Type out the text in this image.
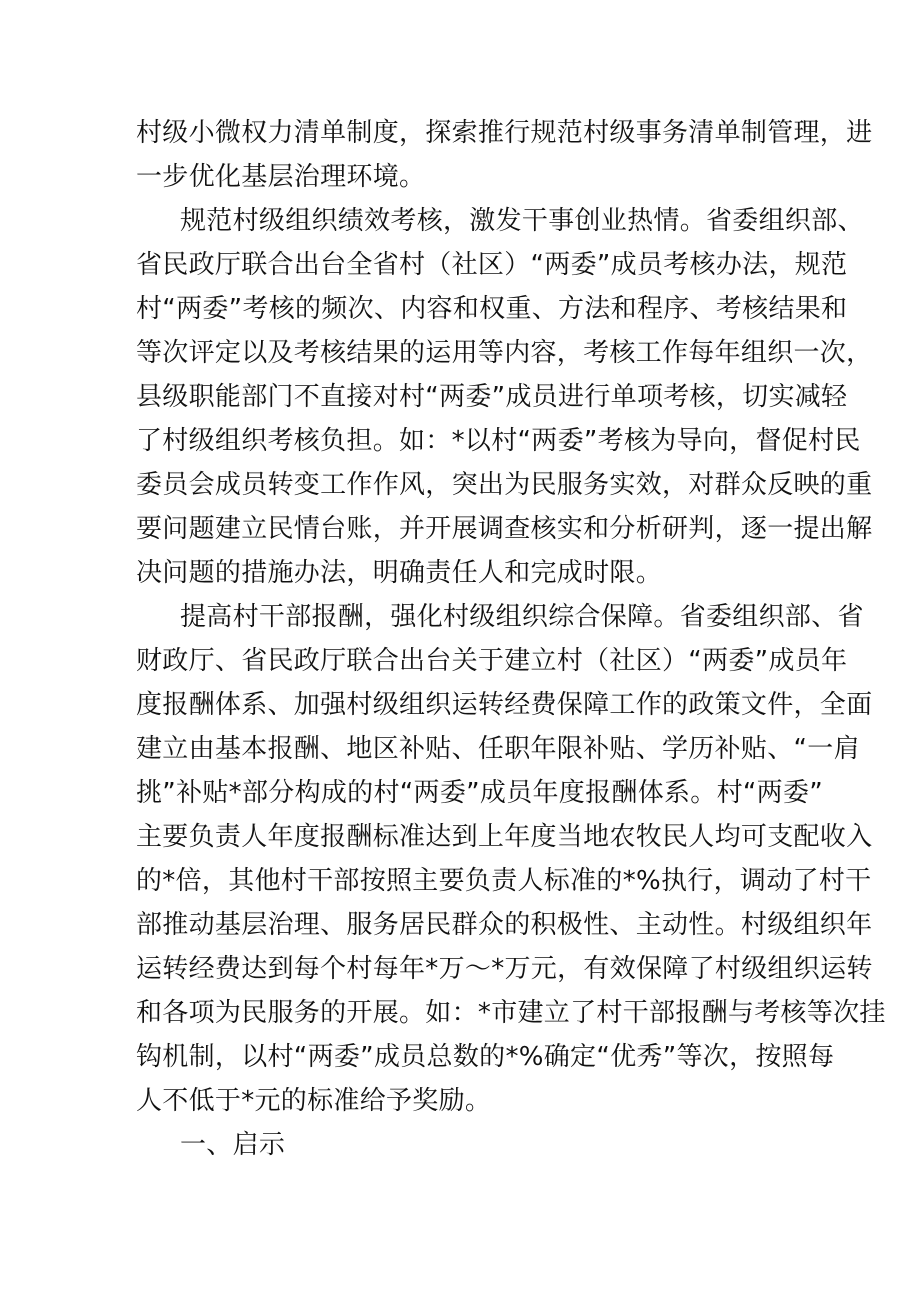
村级小微权力清单制度，探索推行规范村级事务清单制管理，进
一步优化基层治理环境。
规范村级组织绩效考核，激发干事创业热情。省委组织部、
省民政厅联合出台全省村（社区）“两委”成员考核办法，规范
村“两委”考核的频次、内容和权重、方法和程序、考核结果和
等次评定以及考核结果的运用等内容，考核工作每年组织一次，
县级职能部门不直接对村“两委”成员进行单项考核，切实减轻
了村级组织考核负担。如：*以村“两委”考核为导向，督促村民
委员会成员转变工作作风，突出为民服务实效，对群众反映的重
要问题建立民情台账，并开展调查核实和分析研判，逐一提出解
决问题的措施办法，明确责任人和完成时限。
提高村干部报酬，强化村级组织综合保障。省委组织部、省
财政厅、省民政厅联合出台关于建立村（社区）“两委”成员年
度报酬体系、加强村级组织运转经费保障工作的政策文件，全面
建立由基本报酬、地区补贴、任职年限补贴、学历补贴、“一肩
挑”补贴*部分构成的村“两委”成员年度报酬体系。村“两委”
主要负责人年度报酬标准达到上年度当地农牧民人均可支配收入
的*倍，其他村干部按照主要负责人标准的*%执行，调动了村干
部推动基层治理、服务居民群众的积极性、主动性。村级组织年
运转经费达到每个村每年*万〜*万元，有效保障了村级组织运转
和各项为民服务的开展。如：*市建立了村干部报酬与考核等次挂
钩机制，以村“两委”成员总数的*%确定“优秀”等次，按照每
人不低于*元的标准给予奖励。
一、启示
